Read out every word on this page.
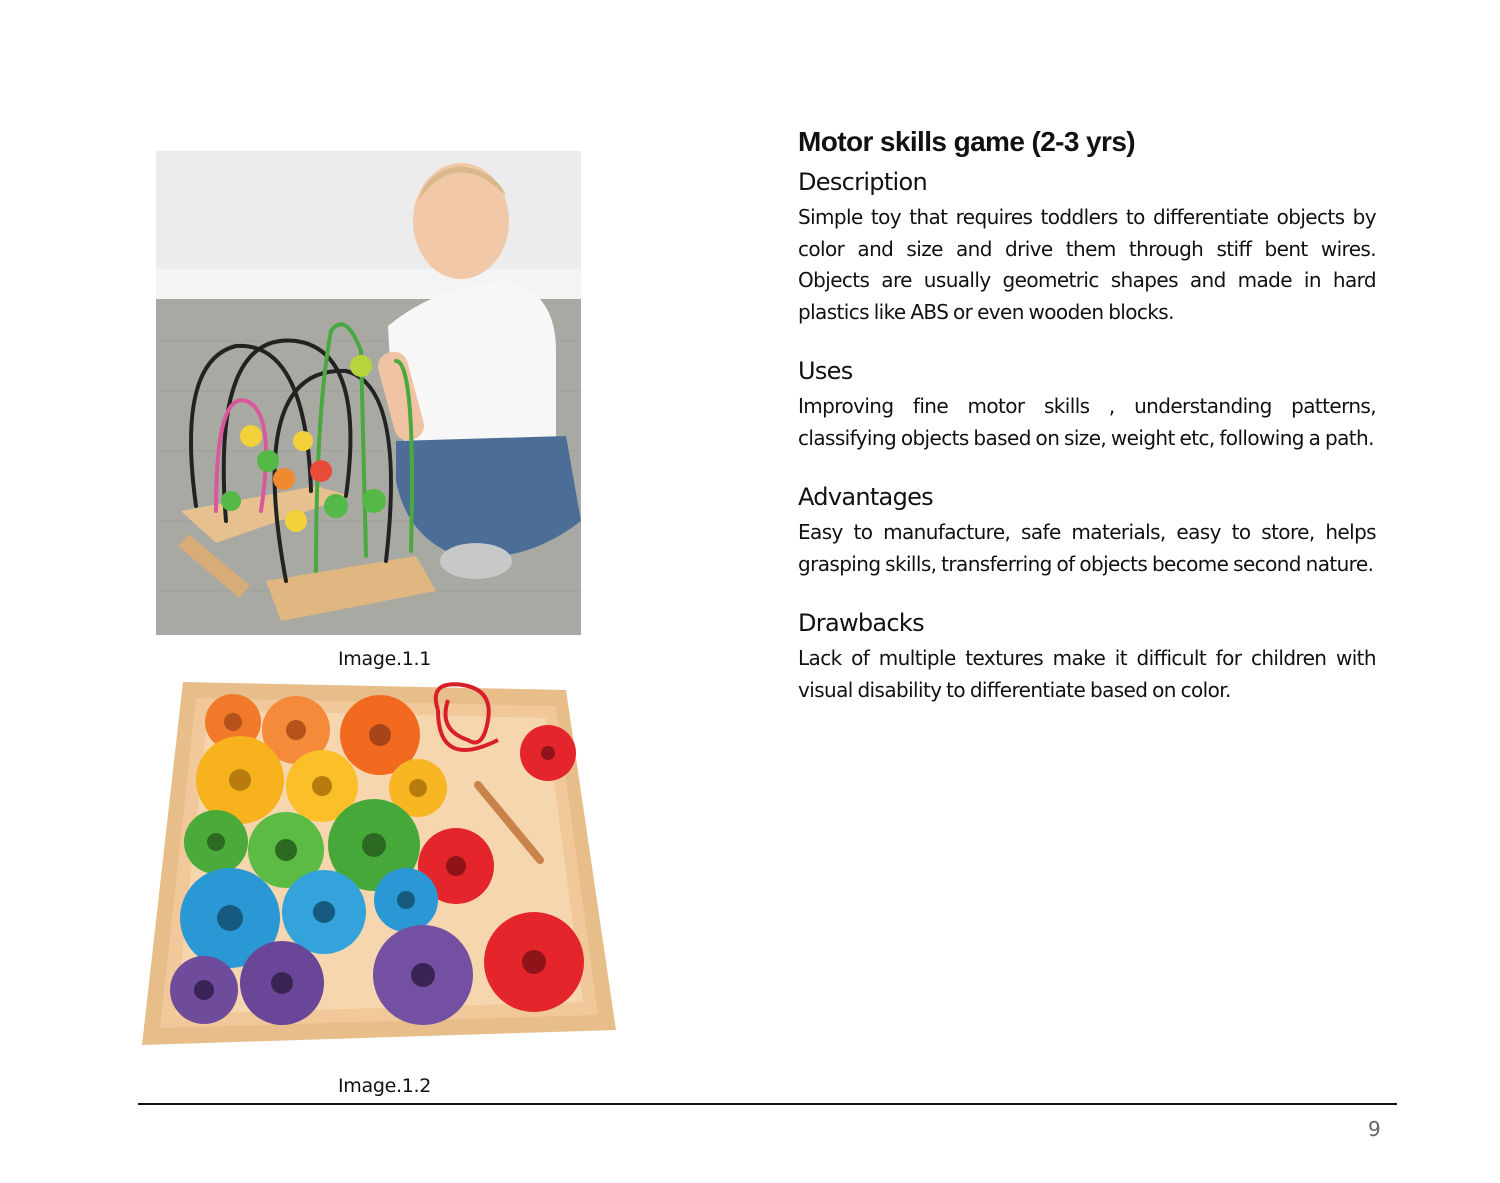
Image.1.1
Image.1.2
Motor skills game (2-3 yrs)
Description

Simple toy that requires toddlers to differentiate objects by color and size and drive them through stiff bent wires. Objects are usually geometric shapes and made in hard plastics like ABS or even wooden blocks.

Uses

Improving fine motor skills , understanding patterns, classifying objects based on size, weight etc, following a path.

Advantages

Easy to manufacture, safe materials, easy to store, helps grasping skills, transferring of objects become second nature.

Drawbacks

Lack of multiple textures make it difficult for children with visual disability to differentiate based on color.

9
